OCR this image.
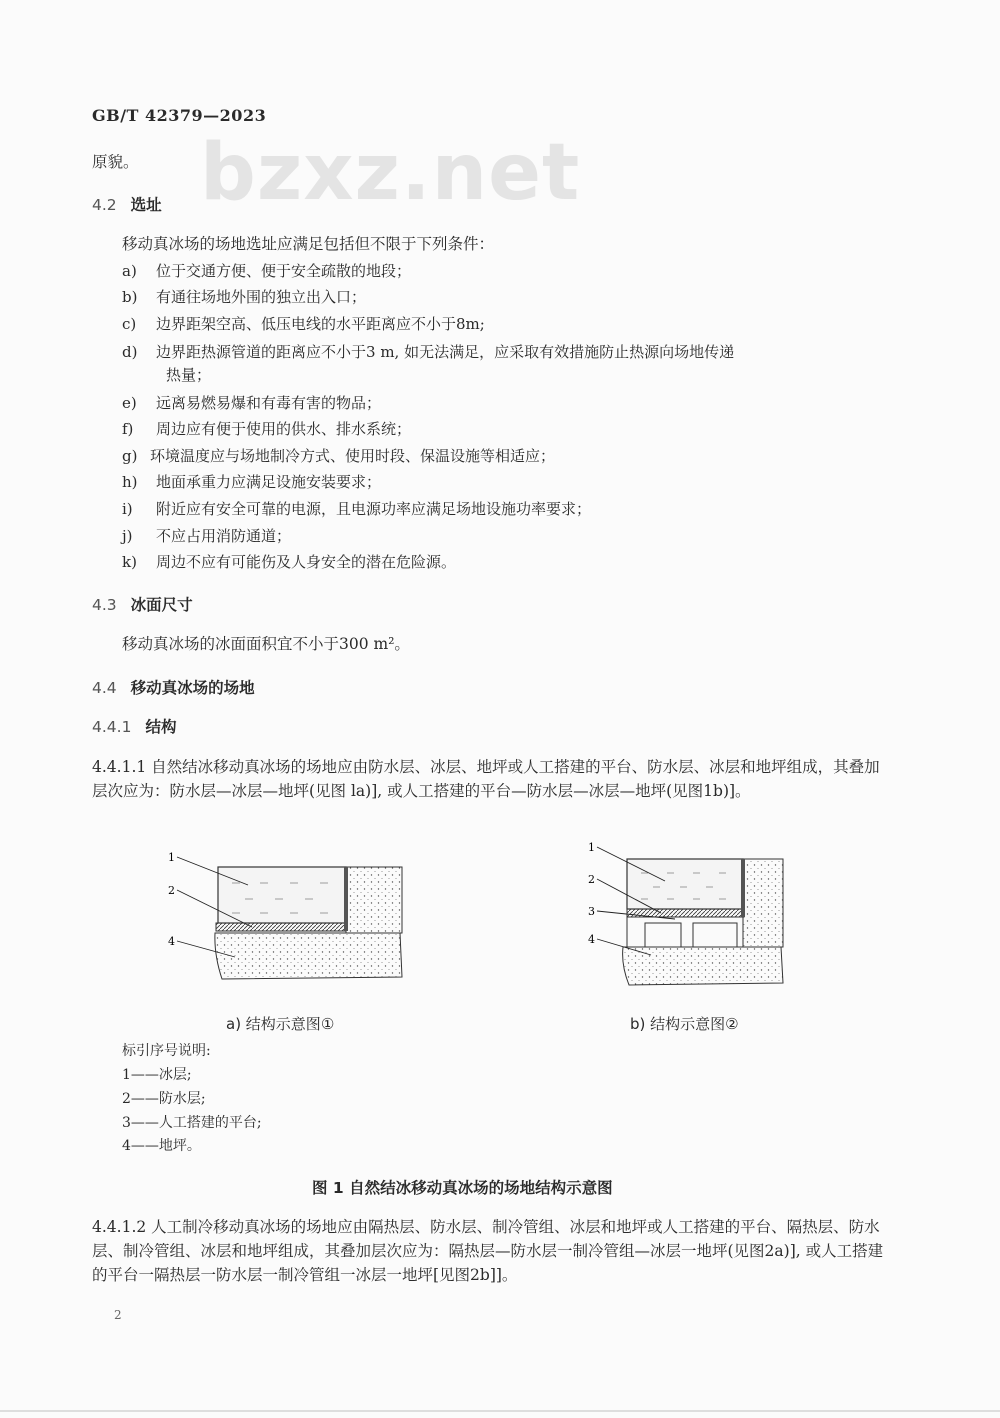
bzxz.net
GB/T 42379—2023
原貌。
4.2 选址
移动真冰场的场地选址应满足包括但不限于下列条件：
a) 位于交通方便、便于安全疏散的地段；
b) 有通往场地外围的独立出入口；
c) 边界距架空高、低压电线的水平距离应不小于8m;
d) 边界距热源管道的距离应不小于3 m, 如无法满足，应采取有效措施防止热源向场地传递
热量；
e) 远离易燃易爆和有毒有害的物品；
f) 周边应有便于使用的供水、排水系统；
g) 环境温度应与场地制冷方式、使用时段、保温设施等相适应；
h) 地面承重力应满足设施安装要求；
i) 附近应有安全可靠的电源，且电源功率应满足场地设施功率要求；
j) 不应占用消防通道；
k) 周边不应有可能伤及人身安全的潜在危险源。
4.3 冰面尺寸
移动真冰场的冰面面积宜不小于300 m²。
4.4 移动真冰场的场地
4.4.1 结构
4.4.1.1 自然结冰移动真冰场的场地应由防水层、冰层、地坪或人工搭建的平台、防水层、冰层和地坪组成，其叠加层次应为：防水层—冰层—地坪(见图 la)], 或人工搭建的平台—防水层—冰层—地坪(见图1b)]。
1
2
4
1
2
3
4
a) 结构示意图①	b) 结构示意图②
标引序号说明:
1——冰层;
2——防水层;
3——人工搭建的平台;
4——地坪。
图 1 自然结冰移动真冰场的场地结构示意图
4.4.1.2 人工制冷移动真冰场的场地应由隔热层、防水层、制冷管组、冰层和地坪或人工搭建的平台、隔热层、防水层、制冷管组、冰层和地坪组成，其叠加层次应为：隔热层—防水层一制冷管组—冰层一地坪(见图2a)], 或人工搭建的平台一隔热层一防水层一制冷管组一冰层一地坪[见图2b]]。
2
